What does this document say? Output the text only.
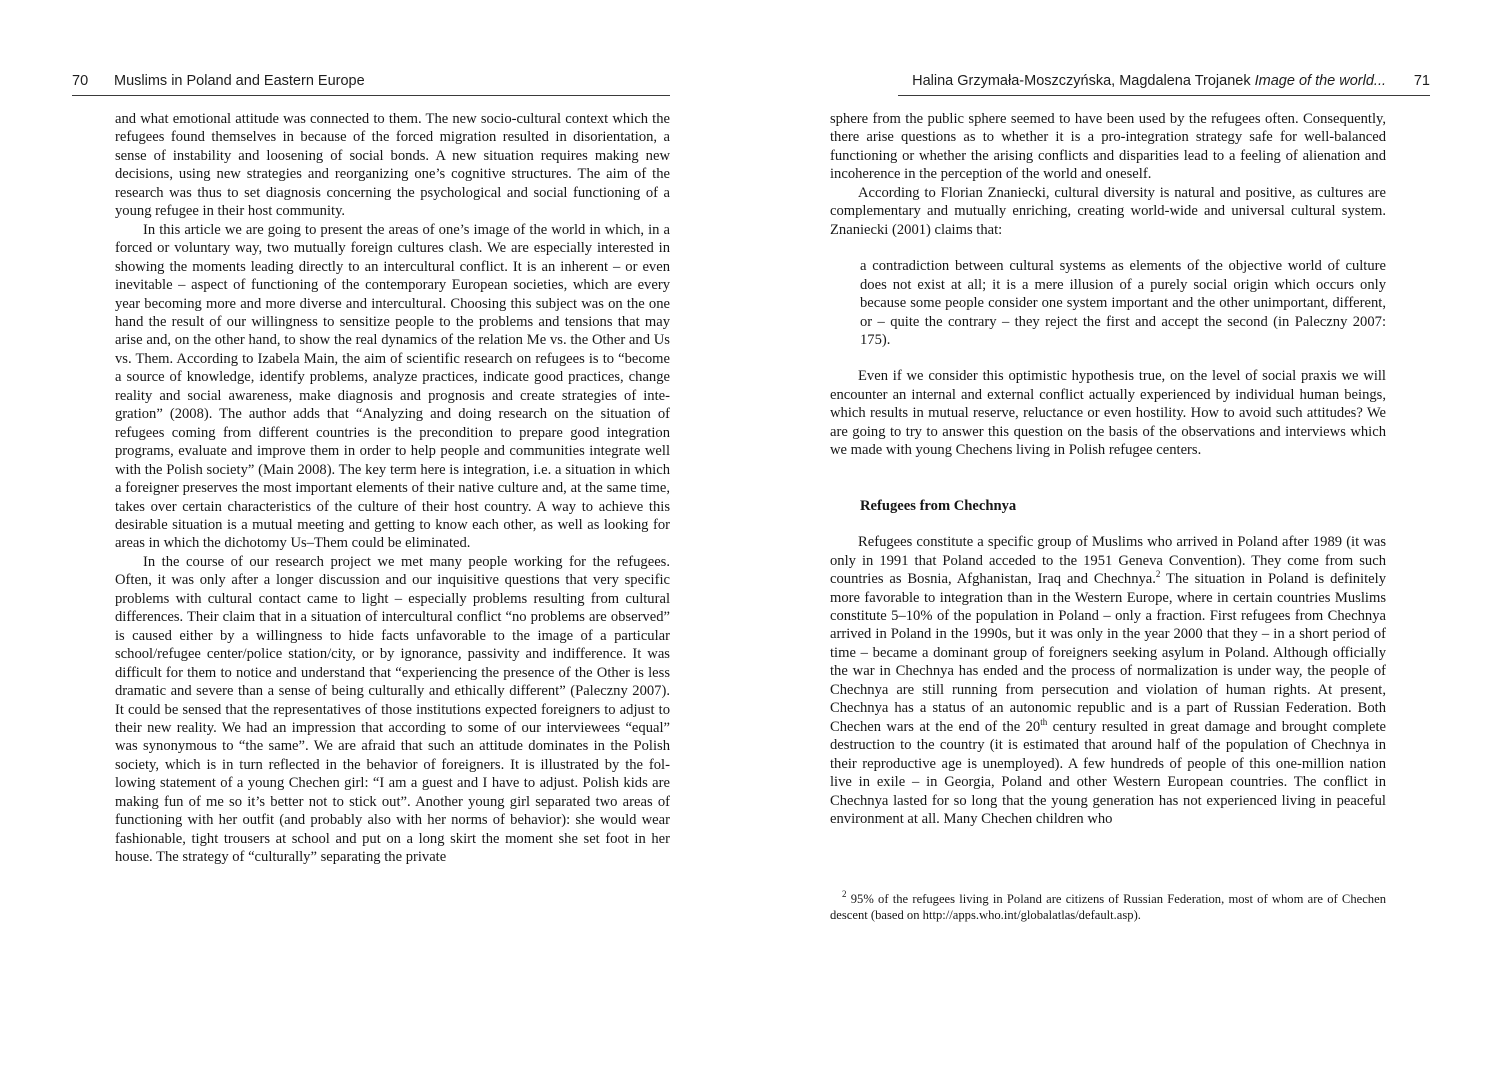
70 Muslims in Poland and Eastern Europe

and what emotional attitude was connected to them. The new socio-cultural context which the refugees found themselves in because of the forced migration resulted in disorientation, a sense of instability and loosening of social bonds. A new situation requires making new decisions, using new strategies and reorganizing one’s cognitive structures. The aim of the research was thus to set diagnosis concerning the psychological and social functioning of a young refugee in their host community.

In this article we are going to present the areas of one’s image of the world in which, in a forced or voluntary way, two mutually foreign cultures clash. We are especially interested in showing the moments leading directly to an intercultural conflict. It is an inherent – or even inevitable – aspect of functioning of the contemporary European societies, which are every year becoming more and more diverse and intercultural. Choosing this subject was on the one hand the result of our willingness to sensitize people to the problems and tensions that may arise and, on the other hand, to show the real dynamics of the relation Me vs. the Other and Us vs. Them. According to Izabela Main, the aim of scientific research on refugees is to “become a source of knowledge, identify problems, analyze practices, indicate good practices, change reality and social awareness, make diagnosis and prognosis and create strategies of integration” (2008). The author adds that “Analyzing and doing research on the situation of refugees coming from different countries is the precondition to prepare good integration programs, evaluate and improve them in order to help people and communities integrate well with the Polish society” (Main 2008). The key term here is integration, i.e. a situation in which a foreigner preserves the most important elements of their native culture and, at the same time, takes over certain characteristics of the culture of their host country. A way to achieve this desirable situation is a mutual meeting and getting to know each other, as well as looking for areas in which the dichotomy Us–Them could be eliminated.

In the course of our research project we met many people working for the refugees. Often, it was only after a longer discussion and our inquisitive questions that very specific problems with cultural contact came to light – especially problems resulting from cultural differences. Their claim that in a situation of intercultural conflict “no problems are observed” is caused either by a willingness to hide facts unfavorable to the image of a particular school/refugee center/police station/city, or by ignorance, passivity and indifference. It was difficult for them to notice and understand that “experiencing the presence of the Other is less dramatic and severe than a sense of being culturally and ethically different” (Paleczny 2007). It could be sensed that the representatives of those institutions expected foreigners to adjust to their new reality. We had an impression that according to some of our interviewees “equal” was synonymous to “the same”. We are afraid that such an attitude dominates in the Polish society, which is in turn reflected in the behavior of foreigners. It is illustrated by the following statement of a young Chechen girl: “I am a guest and I have to adjust. Polish kids are making fun of me so it’s better not to stick out”. Another young girl separated two areas of functioning with her outfit (and probably also with her norms of behavior): she would wear fashionable, tight trousers at school and put on a long skirt the moment she set foot in her house. The strategy of “culturally” separating the private

Halina Grzymała-Moszczyńska, Magdalena Trojanek Image of the world... 71

sphere from the public sphere seemed to have been used by the refugees often. Consequently, there arise questions as to whether it is a pro-integration strategy safe for well-balanced functioning or whether the arising conflicts and disparities lead to a feeling of alienation and incoherence in the perception of the world and oneself.

According to Florian Znaniecki, cultural diversity is natural and positive, as cultures are complementary and mutually enriching, creating world-wide and universal cultural system. Znaniecki (2001) claims that:

a contradiction between cultural systems as elements of the objective world of culture does not exist at all; it is a mere illusion of a purely social origin which occurs only because some people consider one system important and the other unimportant, different, or – quite the contrary – they reject the first and accept the second (in Paleczny 2007: 175).

Even if we consider this optimistic hypothesis true, on the level of social praxis we will encounter an internal and external conflict actually experienced by individual human beings, which results in mutual reserve, reluctance or even hostility. How to avoid such attitudes? We are going to try to answer this question on the basis of the observations and interviews which we made with young Chechens living in Polish refugee centers.

Refugees from Chechnya

Refugees constitute a specific group of Muslims who arrived in Poland after 1989 (it was only in 1991 that Poland acceded to the 1951 Geneva Convention). They come from such countries as Bosnia, Afghanistan, Iraq and Chechnya.$^2$ The situation in Poland is definitely more favorable to integration than in the Western Europe, where in certain countries Muslims constitute 5–10% of the population in Poland – only a fraction. First refugees from Chechnya arrived in Poland in the 1990s, but it was only in the year 2000 that they – in a short period of time – became a dominant group of foreigners seeking asylum in Poland. Although officially the war in Chechnya has ended and the process of normalization is under way, the people of Chechnya are still running from persecution and violation of human rights. At present, Chechnya has a status of an autonomic republic and is a part of Russian Federation. Both Chechen wars at the end of the 20th century resulted in great damage and brought complete destruction to the country (it is estimated that around half of the population of Chechnya in their reproductive age is unemployed). A few hundreds of people of this one-million nation live in exile – in Georgia, Poland and other Western European countries. The conflict in Chechnya lasted for so long that the young generation has not experienced living in peaceful environment at all. Many Chechen children who

$^2$ 95% of the refugees living in Poland are citizens of Russian Federation, most of whom are of Chechen descent (based on http://apps.who.int/globalatlas/default.asp).
